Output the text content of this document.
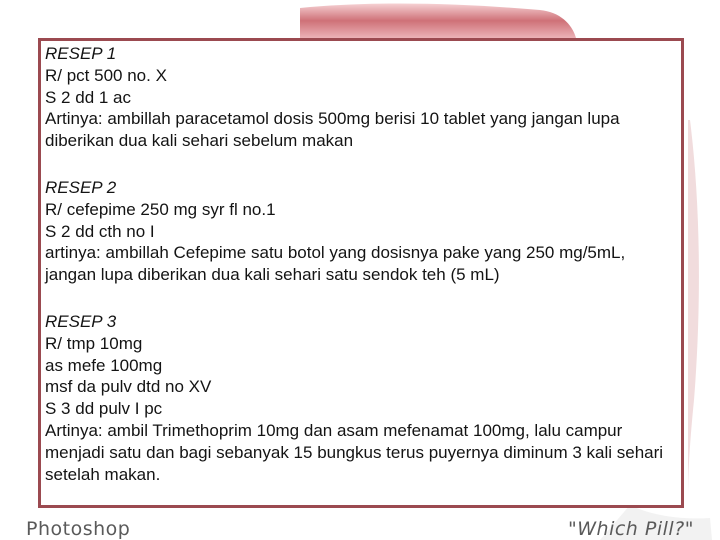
Photoshop	"Which Pill?"
RESEP 1
R/ pct 500 no. X
S 2 dd 1 ac
Artinya: ambillah paracetamol dosis 500mg berisi 10 tablet yang jangan lupa diberikan dua kali sehari sebelum makan
RESEP 2
R/ cefepime 250 mg syr fl no.1
S 2 dd cth no I
artinya: ambillah Cefepime satu botol yang dosisnya pake yang 250 mg/5mL, jangan lupa diberikan dua kali sehari satu sendok teh (5 mL)
RESEP 3
R/ tmp 10mg
as mefe 100mg
msf da pulv dtd no XV
S 3 dd pulv I pc
Artinya: ambil Trimethoprim 10mg dan asam mefenamat 100mg, lalu campur menjadi satu dan bagi sebanyak 15 bungkus terus puyernya diminum 3 kali sehari setelah makan.
